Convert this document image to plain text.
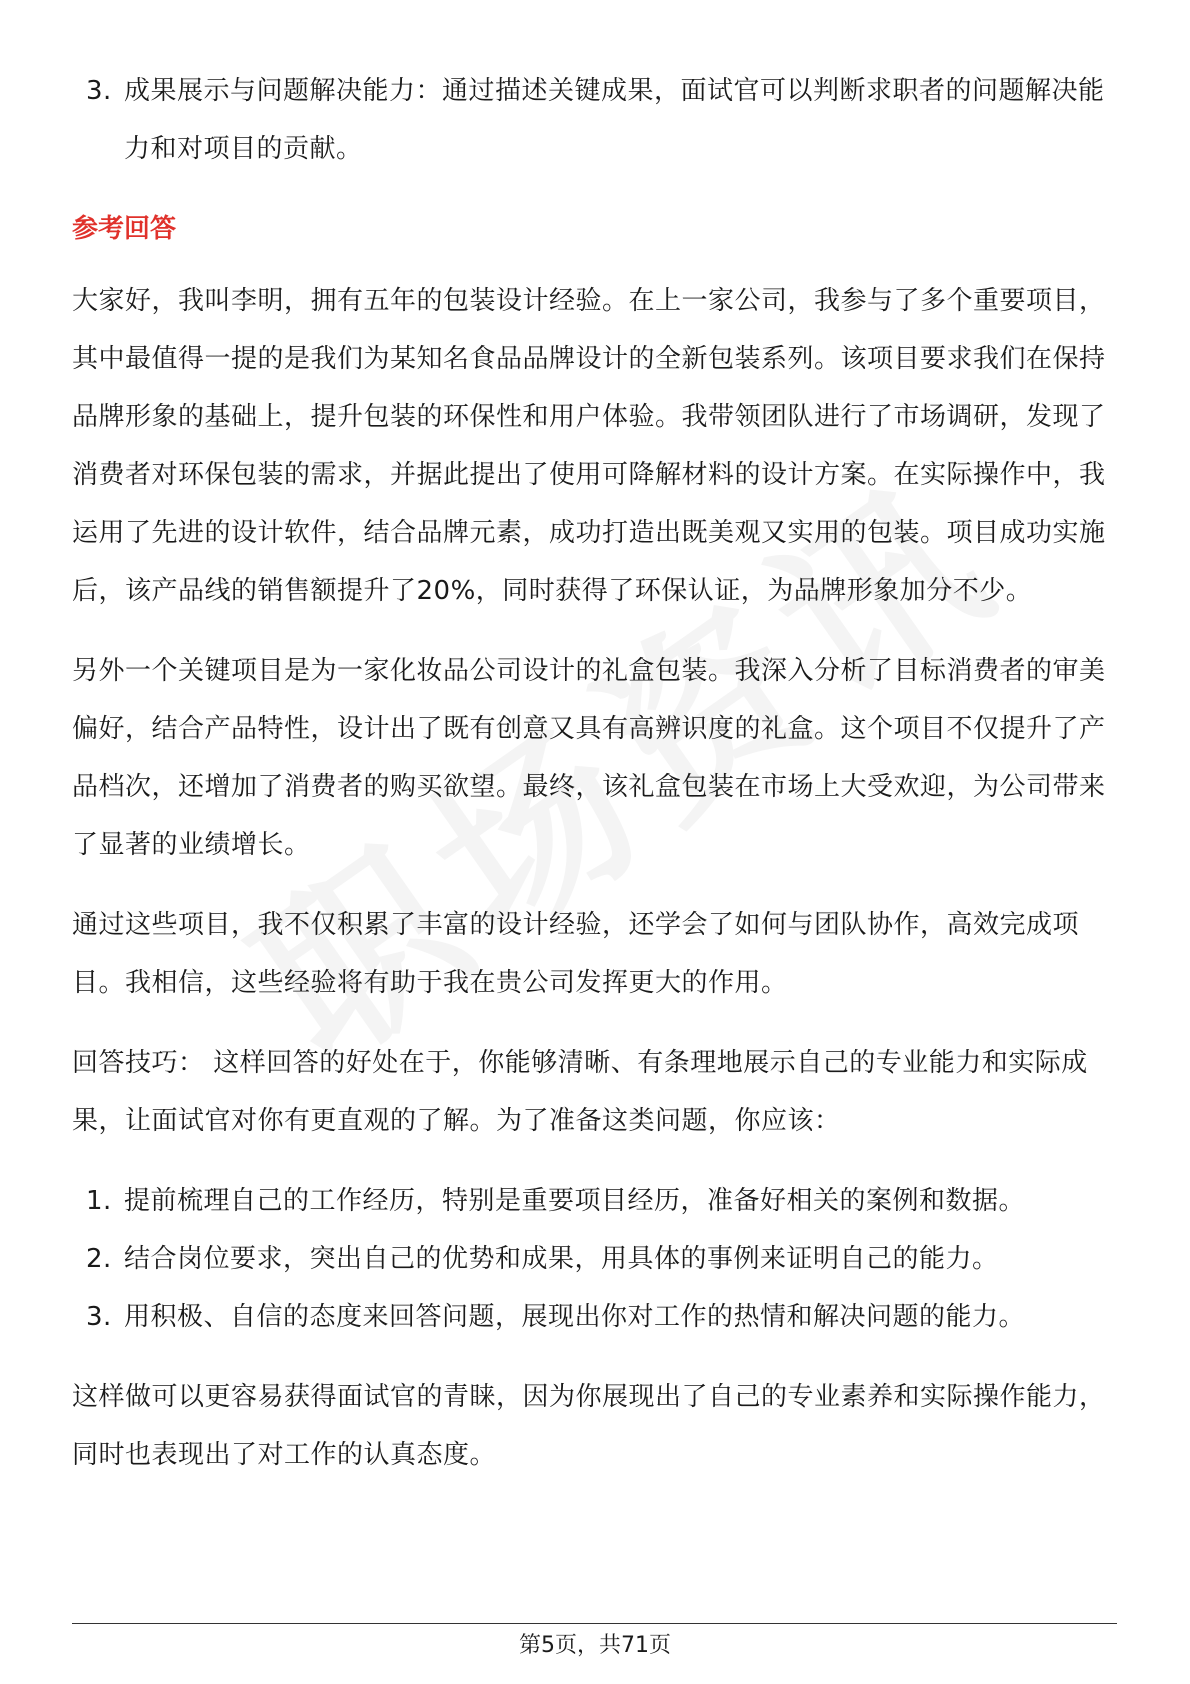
3. 成果展示与问题解决能力：通过描述关键成果，面试官可以判断求职者的问题解决能力和对项目的贡献。
参考回答

大家好，我叫李明，拥有五年的包装设计经验。在上一家公司，我参与了多个重要项目，其中最值得一提的是我们为某知名食品品牌设计的全新包装系列。该项目要求我们在保持品牌形象的基础上，提升包装的环保性和用户体验。我带领团队进行了市场调研，发现了消费者对环保包装的需求，并据此提出了使用可降解材料的设计方案。在实际操作中，我运用了先进的设计软件，结合品牌元素，成功打造出既美观又实用的包装。项目成功实施后，该产品线的销售额提升了20%，同时获得了环保认证，为品牌形象加分不少。

另外一个关键项目是为一家化妆品公司设计的礼盒包装。我深入分析了目标消费者的审美偏好，结合产品特性，设计出了既有创意又具有高辨识度的礼盒。这个项目不仅提升了产品档次，还增加了消费者的购买欲望。最终，该礼盒包装在市场上大受欢迎，为公司带来了显著的业绩增长。

通过这些项目，我不仅积累了丰富的设计经验，还学会了如何与团队协作，高效完成项目。我相信，这些经验将有助于我在贵公司发挥更大的作用。

回答技巧： 这样回答的好处在于，你能够清晰、有条理地展示自己的专业能力和实际成果，让面试官对你有更直观的了解。为了准备这类问题，你应该：

1. 提前梳理自己的工作经历，特别是重要项目经历，准备好相关的案例和数据。
2. 结合岗位要求，突出自己的优势和成果，用具体的事例来证明自己的能力。
3. 用积极、自信的态度来回答问题，展现出你对工作的热情和解决问题的能力。

这样做可以更容易获得面试官的青睐，因为你展现出了自己的专业素养和实际操作能力，同时也表现出了对工作的认真态度。

第5页，共71页
